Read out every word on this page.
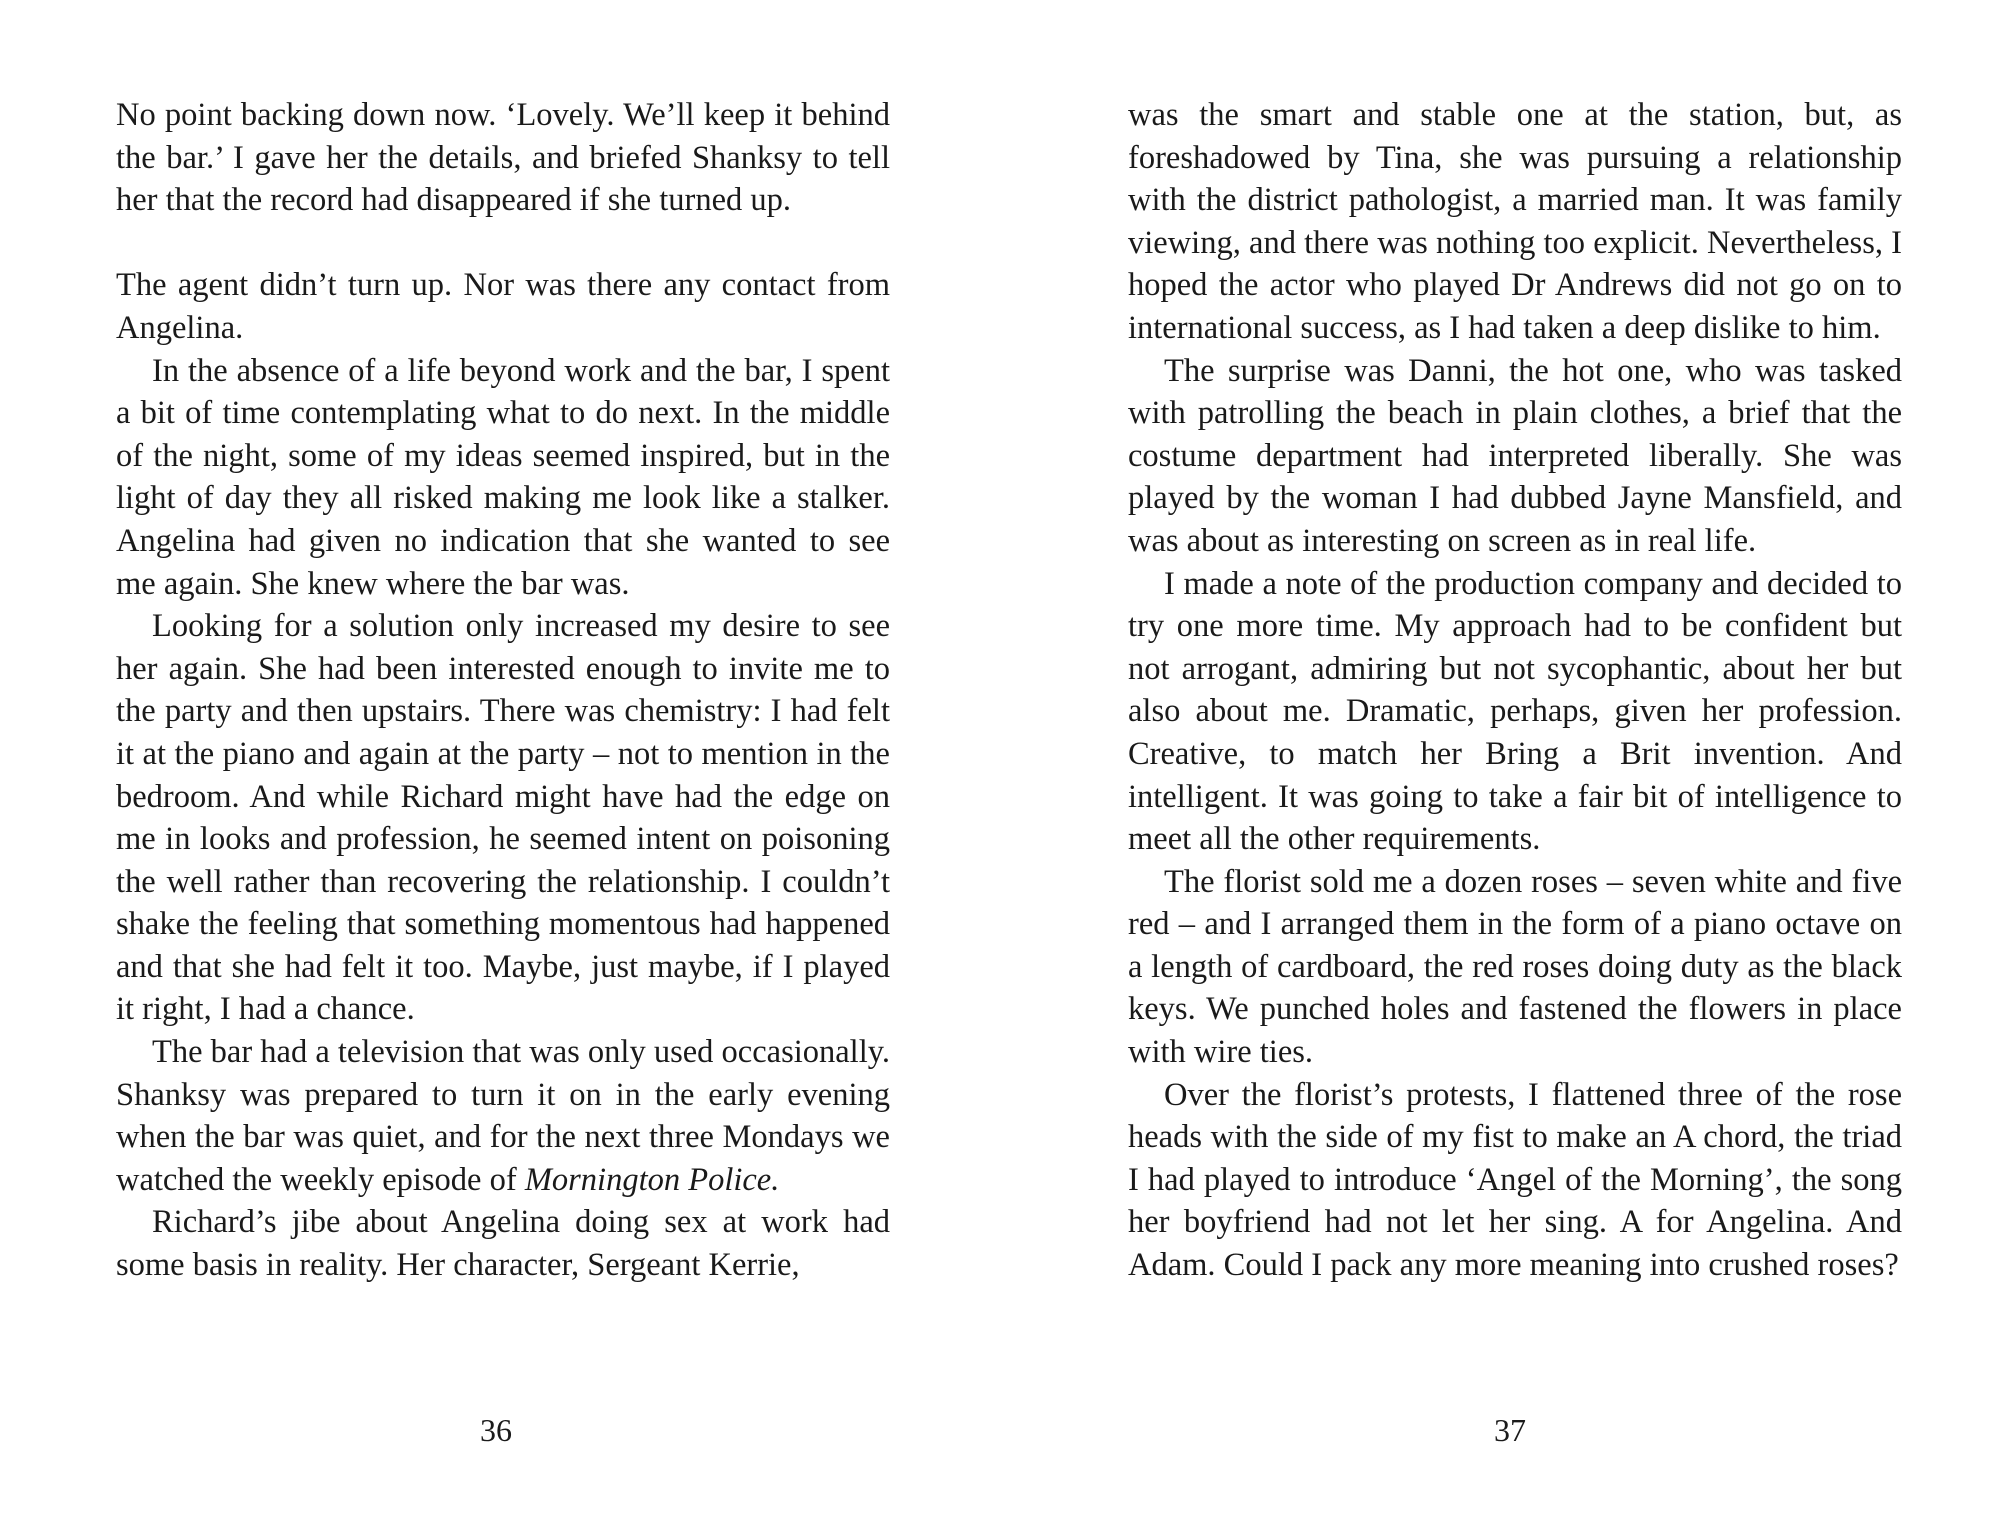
No point backing down now. ‘Lovely. We’ll keep it behind the bar.’ I gave her the details, and briefed Shanksy to tell her that the record had disappeared if she turned up.

The agent didn’t turn up. Nor was there any contact from Angelina.

In the absence of a life beyond work and the bar, I spent a bit of time contemplating what to do next. In the middle of the night, some of my ideas seemed inspired, but in the light of day they all risked making me look like a stalker. Angelina had given no indication that she wanted to see me again. She knew where the bar was.

Looking for a solution only increased my desire to see her again. She had been interested enough to invite me to the party and then upstairs. There was chemistry: I had felt it at the piano and again at the party – not to mention in the bedroom. And while Richard might have had the edge on me in looks and profession, he seemed intent on poisoning the well rather than recovering the relationship. I couldn’t shake the feeling that something momentous had happened and that she had felt it too. Maybe, just maybe, if I played it right, I had a chance.

The bar had a television that was only used occasionally. Shanksy was prepared to turn it on in the early evening when the bar was quiet, and for the next three Mondays we watched the weekly episode of Mornington Police.

Richard’s jibe about Angelina doing sex at work had some basis in reality. Her character, Sergeant Kerrie,

36

was the smart and stable one at the station, but, as foreshadowed by Tina, she was pursuing a relationship with the district pathologist, a married man. It was family viewing, and there was nothing too explicit. Nevertheless, I hoped the actor who played Dr Andrews did not go on to international success, as I had taken a deep dislike to him.

The surprise was Danni, the hot one, who was tasked with patrolling the beach in plain clothes, a brief that the costume department had interpreted liberally. She was played by the woman I had dubbed Jayne Mansfield, and was about as interesting on screen as in real life.

I made a note of the production company and decided to try one more time. My approach had to be confident but not arrogant, admiring but not sycophantic, about her but also about me. Dramatic, perhaps, given her profession. Creative, to match her Bring a Brit invention. And intelligent. It was going to take a fair bit of intelligence to meet all the other requirements.

The florist sold me a dozen roses – seven white and five red – and I arranged them in the form of a piano octave on a length of cardboard, the red roses doing duty as the black keys. We punched holes and fastened the flowers in place with wire ties.

Over the florist’s protests, I flattened three of the rose heads with the side of my fist to make an A chord, the triad I had played to introduce ‘Angel of the Morning’, the song her boyfriend had not let her sing. A for Angelina. And Adam. Could I pack any more meaning into crushed roses?

37
